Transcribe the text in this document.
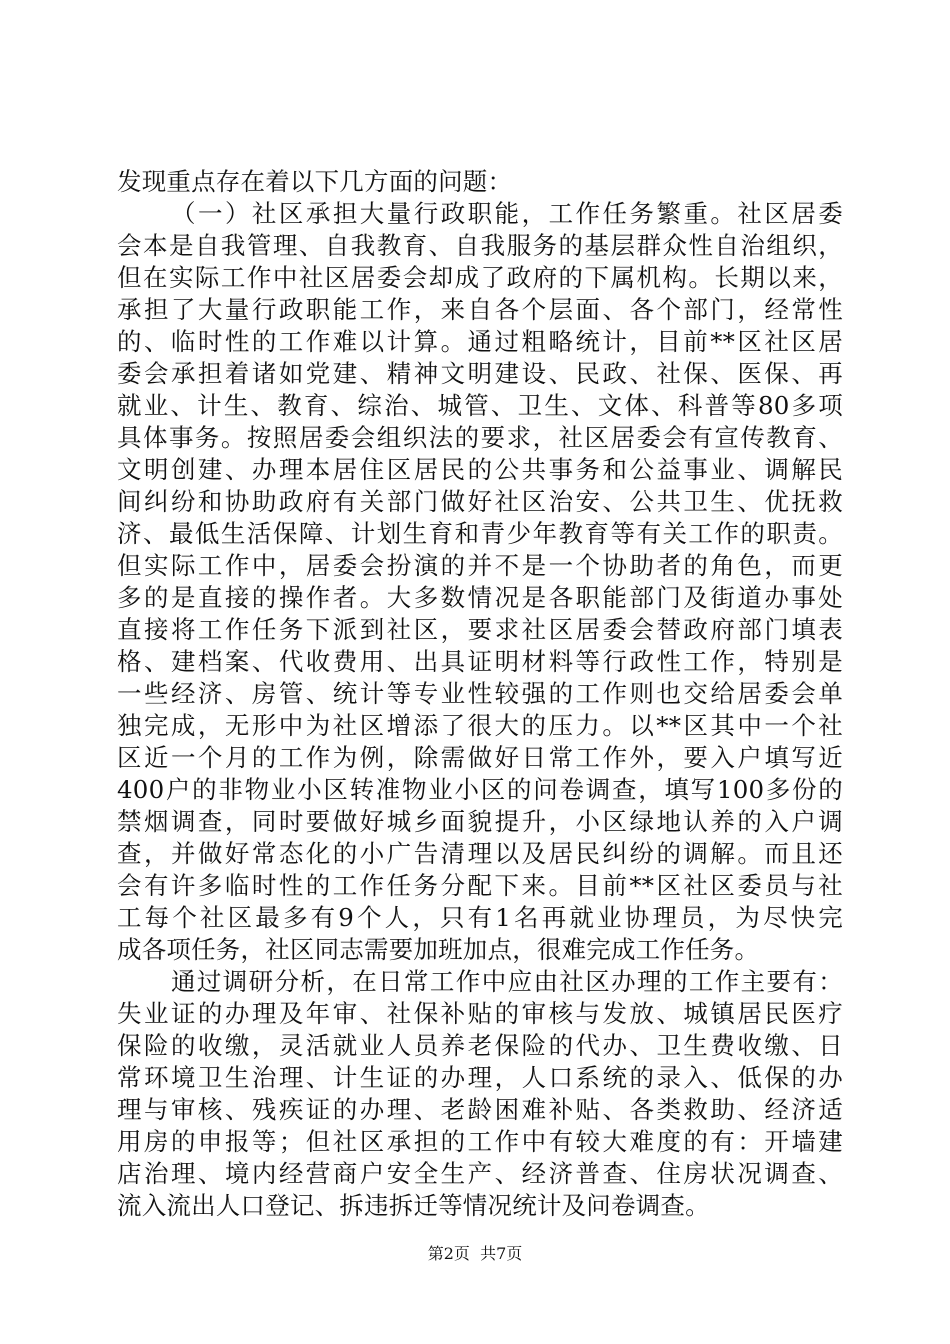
发现重点存在着以下几方面的问题：
（一）社区承担大量行政职能，工作任务繁重。社区居委
会本是自我管理、自我教育、自我服务的基层群众性自治组织，
但在实际工作中社区居委会却成了政府的下属机构。长期以来，
承担了大量行政职能工作，来自各个层面、各个部门，经常性
的、临时性的工作难以计算。通过粗略统计，目前**区社区居
委会承担着诸如党建、精神文明建设、民政、社保、医保、再
就业、计生、教育、综治、城管、卫生、文体、科普等80多项
具体事务。按照居委会组织法的要求，社区居委会有宣传教育、
文明创建、办理本居住区居民的公共事务和公益事业、调解民
间纠纷和协助政府有关部门做好社区治安、公共卫生、优抚救
济、最低生活保障、计划生育和青少年教育等有关工作的职责。
但实际工作中，居委会扮演的并不是一个协助者的角色，而更
多的是直接的操作者。大多数情况是各职能部门及街道办事处
直接将工作任务下派到社区，要求社区居委会替政府部门填表
格、建档案、代收费用、出具证明材料等行政性工作，特别是
一些经济、房管、统计等专业性较强的工作则也交给居委会单
独完成，无形中为社区增添了很大的压力。以**区其中一个社
区近一个月的工作为例，除需做好日常工作外，要入户填写近
400户的非物业小区转准物业小区的问卷调查，填写100多份的
禁烟调查，同时要做好城乡面貌提升，小区绿地认养的入户调
查，并做好常态化的小广告清理以及居民纠纷的调解。而且还
会有许多临时性的工作任务分配下来。目前**区社区委员与社
工每个社区最多有9个人，只有1名再就业协理员，为尽快完
成各项任务，社区同志需要加班加点，很难完成工作任务。
通过调研分析，在日常工作中应由社区办理的工作主要有：
失业证的办理及年审、社保补贴的审核与发放、城镇居民医疗
保险的收缴，灵活就业人员养老保险的代办、卫生费收缴、日
常环境卫生治理、计生证的办理，人口系统的录入、低保的办
理与审核、残疾证的办理、老龄困难补贴、各类救助、经济适
用房的申报等；但社区承担的工作中有较大难度的有：开墙建
店治理、境内经营商户安全生产、经济普查、住房状况调查、
流入流出人口登记、拆违拆迁等情况统计及问卷调查。
第2页  共7页
